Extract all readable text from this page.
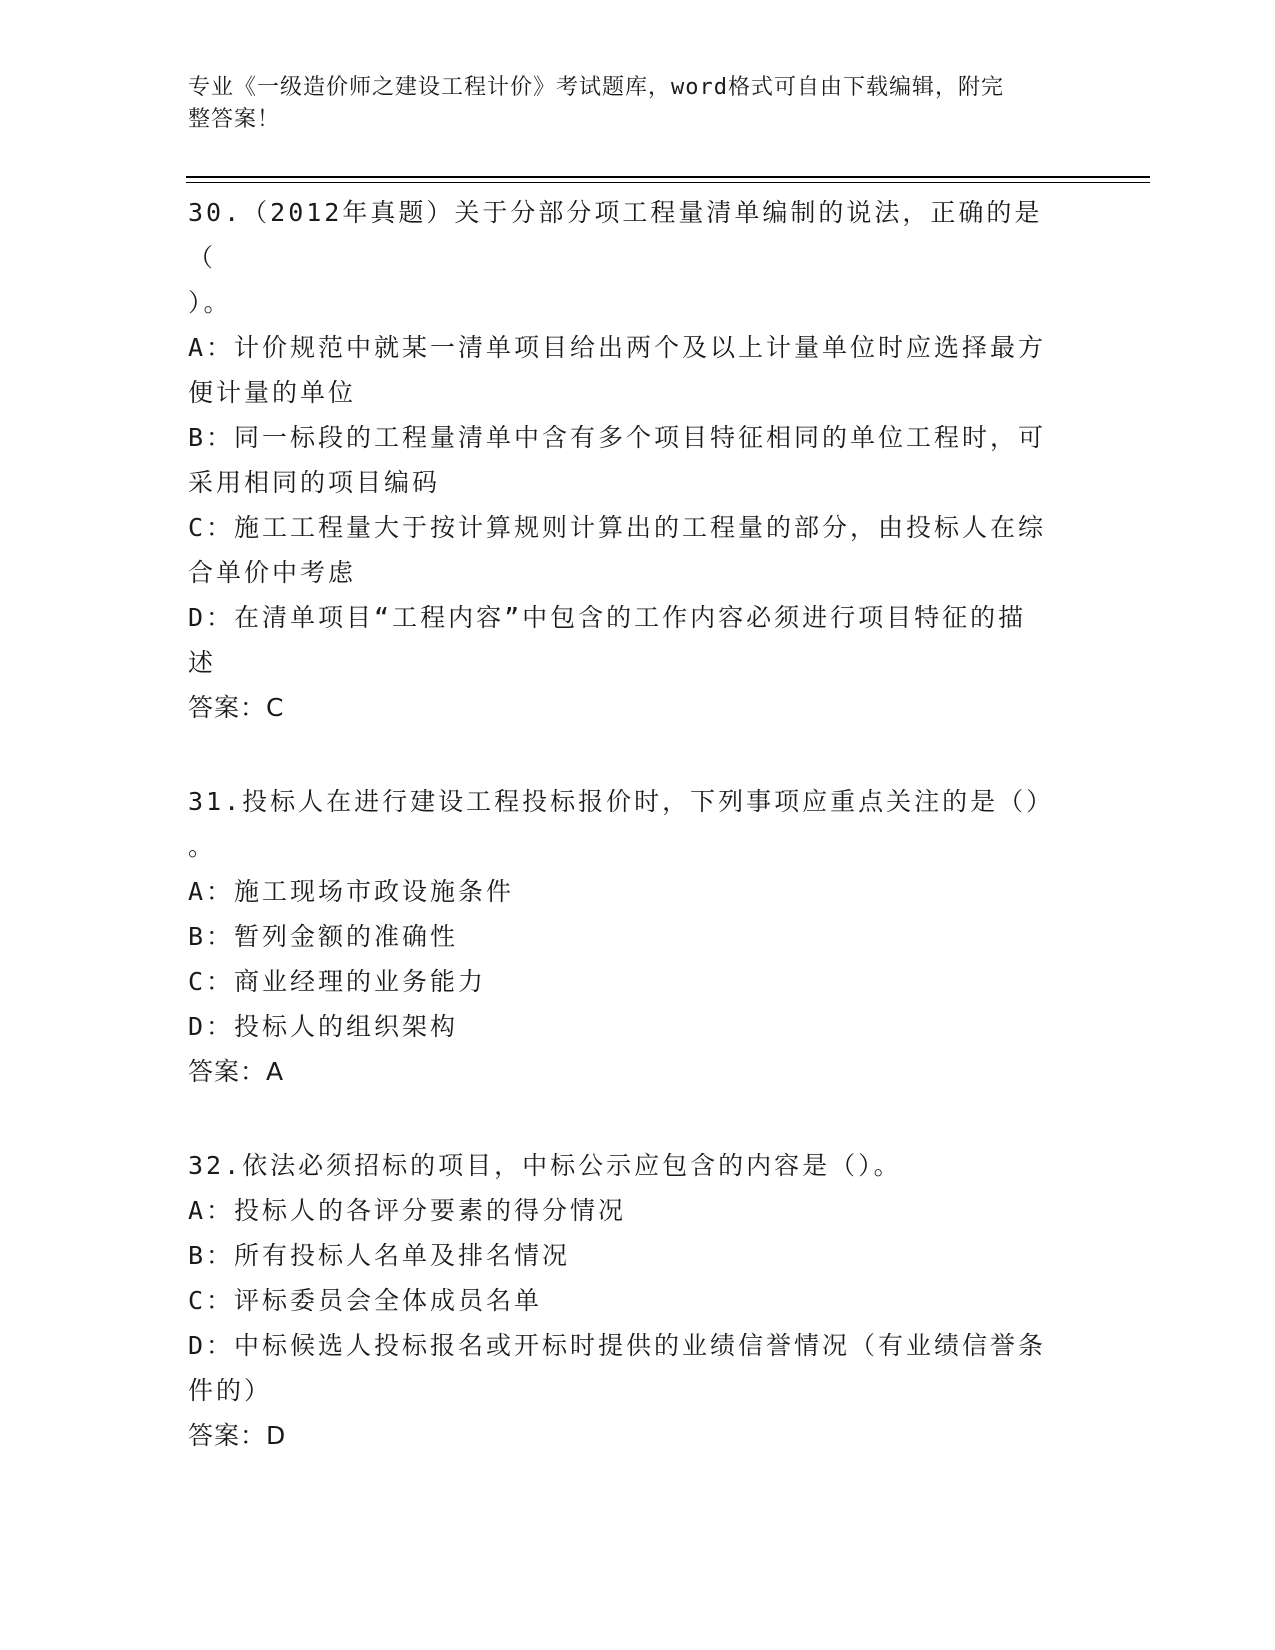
专业《一级造价师之建设工程计价》考试题库，word格式可自由下载编辑，附完
整答案！
30.（2012年真题）关于分部分项工程量清单编制的说法，正确的是（
）。
A：计价规范中就某一清单项目给出两个及以上计量单位时应选择最方
便计量的单位
B：同一标段的工程量清单中含有多个项目特征相同的单位工程时，可
采用相同的项目编码
C：施工工程量大于按计算规则计算出的工程量的部分，由投标人在综
合单价中考虑
D：在清单项目“工程内容”中包含的工作内容必须进行项目特征的描
述
答案：C
31.投标人在进行建设工程投标报价时，下列事项应重点关注的是（）
。
A：施工现场市政设施条件
B：暂列金额的准确性
C：商业经理的业务能力
D：投标人的组织架构
答案：A
32.依法必须招标的项目，中标公示应包含的内容是（）。
A：投标人的各评分要素的得分情况
B：所有投标人名单及排名情况
C：评标委员会全体成员名单
D：中标候选人投标报名或开标时提供的业绩信誉情况（有业绩信誉条
件的）
答案：D
